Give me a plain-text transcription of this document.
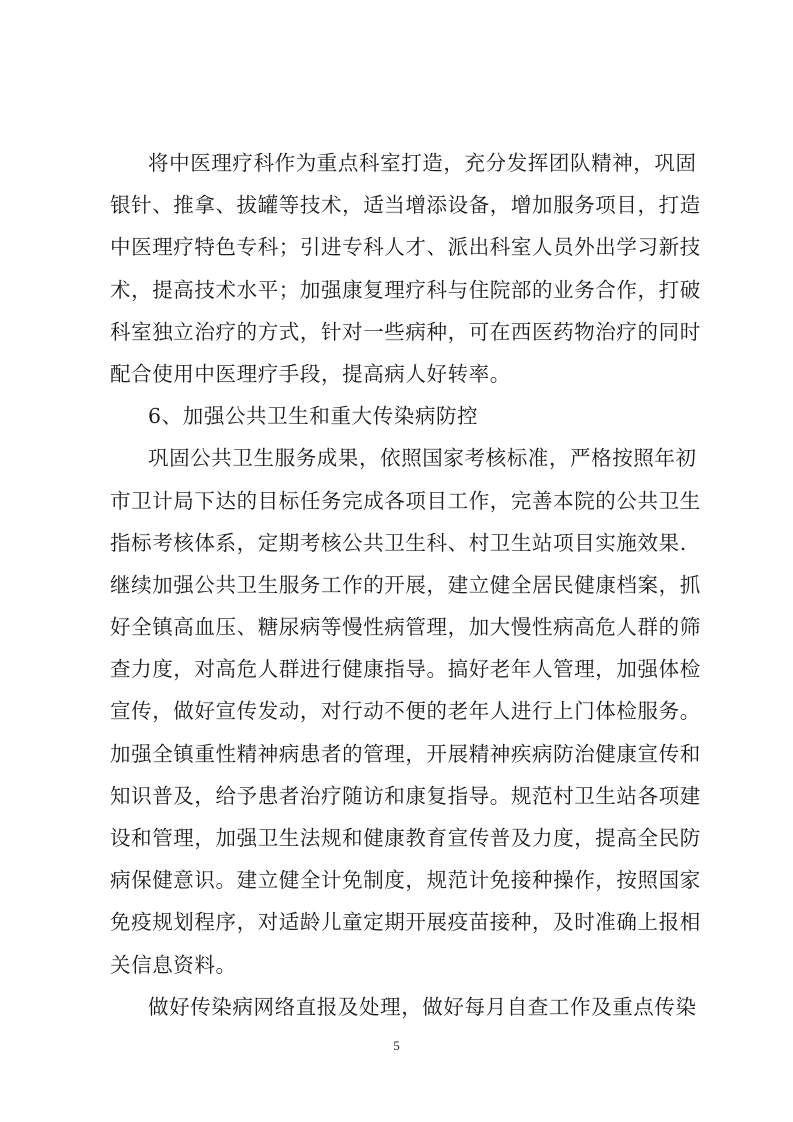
将中医理疗科作为重点科室打造，充分发挥团队精神，巩固
银针、推拿、拔罐等技术，适当增添设备，增加服务项目，打造
中医理疗特色专科；引进专科人才、派出科室人员外出学习新技
术，提高技术水平；加强康复理疗科与住院部的业务合作，打破
科室独立治疗的方式，针对一些病种，可在西医药物治疗的同时
配合使用中医理疗手段，提高病人好转率。
6、加强公共卫生和重大传染病防控
巩固公共卫生服务成果，依照国家考核标准，严格按照年初
市卫计局下达的目标任务完成各项目工作，完善本院的公共卫生
指标考核体系，定期考核公共卫生科、村卫生站项目实施效果.
继续加强公共卫生服务工作的开展，建立健全居民健康档案，抓
好全镇高血压、糖尿病等慢性病管理，加大慢性病高危人群的筛
查力度，对高危人群进行健康指导。搞好老年人管理，加强体检
宣传，做好宣传发动，对行动不便的老年人进行上门体检服务。
加强全镇重性精神病患者的管理，开展精神疾病防治健康宣传和
知识普及，给予患者治疗随访和康复指导。规范村卫生站各项建
设和管理，加强卫生法规和健康教育宣传普及力度，提高全民防
病保健意识。建立健全计免制度，规范计免接种操作，按照国家
免疫规划程序，对适龄儿童定期开展疫苗接种，及时准确上报相
关信息资料。
做好传染病网络直报及处理，做好每月自查工作及重点传染
5
